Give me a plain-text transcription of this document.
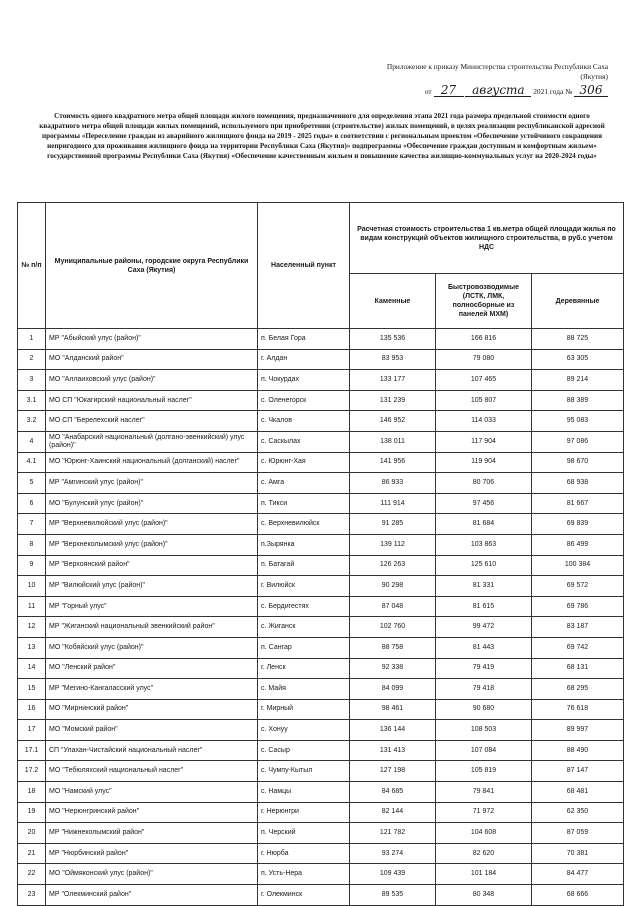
Приложение к приказу Министерства строительства Республики Саха (Якутия)
от 27 августа 2021 года № 306
Стоимость одного квадратного метра общей площади жилого помещения, предназначенного для определения этапа 2021 года размера предельной стоимости одного квадратного метра общей площади жилых помещений, используемого при приобретении (строительстве) жилых помещений, в целях реализации республиканской адресной программы «Переселение граждан из аварийного жилищного фонда на 2019 - 2025 годы» в соответствии с региональным проектом «Обеспечение устойчивого сокращения непригодного для проживания жилищного фонда на территории Республики Саха (Якутия)» подпрограммы «Обеспечение граждан доступным и комфортным жильем» государственной программы Республики Саха (Якутия) «Обеспечение качественным жильем и повышение качества жилищно-коммунальных услуг на 2020-2024 годы»
№ п/п	Муниципальные районы, городские округа Республики Саха (Якутия)	Населенный пункт	Расчетная стоимость строительства 1 кв.метра общей площади жилья по видам конструкций объектов жилищного строительства, в руб.с учетом НДС		
			Каменные	Быстровозводимые (ЛСТК, ЛМК, полносборные из панелей МХМ)	Деревянные
1	МР "Абыйский улус (район)"	п. Белая Гора	135 536	166 816	88 725
2	МО "Алданский район"	г. Алдан	83 953	79 080	63 305
3	МО "Аллаиховский улус (район)"	п. Чокурдах	133 177	107 465	89 214
3.1	МО СП "Юкагирский национальный наслег"	с. Оленегорск	131 239	105 807	88 389
3.2	МО СП "Берелехский наслег"	с. Чкалов	146 952	114 033	95 083
4	МО "Анабарский национальный (долгано-эвенкийский) улус (район)"	с. Саскылах	138 011	117 904	97 086
4.1	МО "Юрюнг-Хаинский национальный (долганский) наслег"	с. Юрюнг-Хая	141 956	119 904	98 670
5	МР "Амгинский улус (район)"	с. Амга	86 933	80 706	68 938
6	МО "Булунский улус (район)"	п. Тикси	111 914	97 456	81 667
7	МР "Верхневилюйский улус (район)"	с. Верхневилюйск	91 285	81 684	69 839
8	МР "Верхнеколымский улус (район)"	п.Зырянка	139 112	103 863	86 499
9	МР "Верхоянский район"	п. Батагай	126 263	125 610	100 384
10	МР "Вилюйский улус (район)"	г. Вилюйск	90 298	81 331	69 572
11	МР "Горный улус"	с. Бердигестях	87 048	81 615	69 786
12	МР "Жиганский национальный эвенкийский район"	с. Жиганск	102 760	99 472	83 187
13	МО "Кобяйский улус (район)"	п. Сангар	88 758	81 443	69 742
14	МО "Ленский район"	г. Ленск	92 338	79 419	68 131
15	МР "Мегино-Кангаласский улус"	с. Майя	84 099	79 418	68 295
16	МО "Мирнинский район"	г. Мирный	98 461	90 680	76 618
17	МО "Момский район"	с. Хонуу	136 144	108 503	89 997
17.1	СП "Улахан-Чистайский национальный наслег"	с. Сасыр	131 413	107 084	88 490
17.2	МО "Тебюляхский национальный наслег"	с. Чумпу-Кытыл	127 198	105 819	87 147
18	МО "Намский улус"	с. Намцы	84 685	79 841	68 481
19	МО "Нерюнгринский район"	г. Нерюнгри	82 144	71 972	62 350
20	МР "Нижнеколымский район"	п. Черский	121 782	104 608	87 059
21	МР "Нюрбинский район"	г. Нюрба	93 274	82 620	70 381
22	МО "Оймяконский улус (район)"	п. Усть-Нера	109 439	101 184	84 477
23	МР "Олекминский район"	г. Олекминск	89 535	80 348	68 666
